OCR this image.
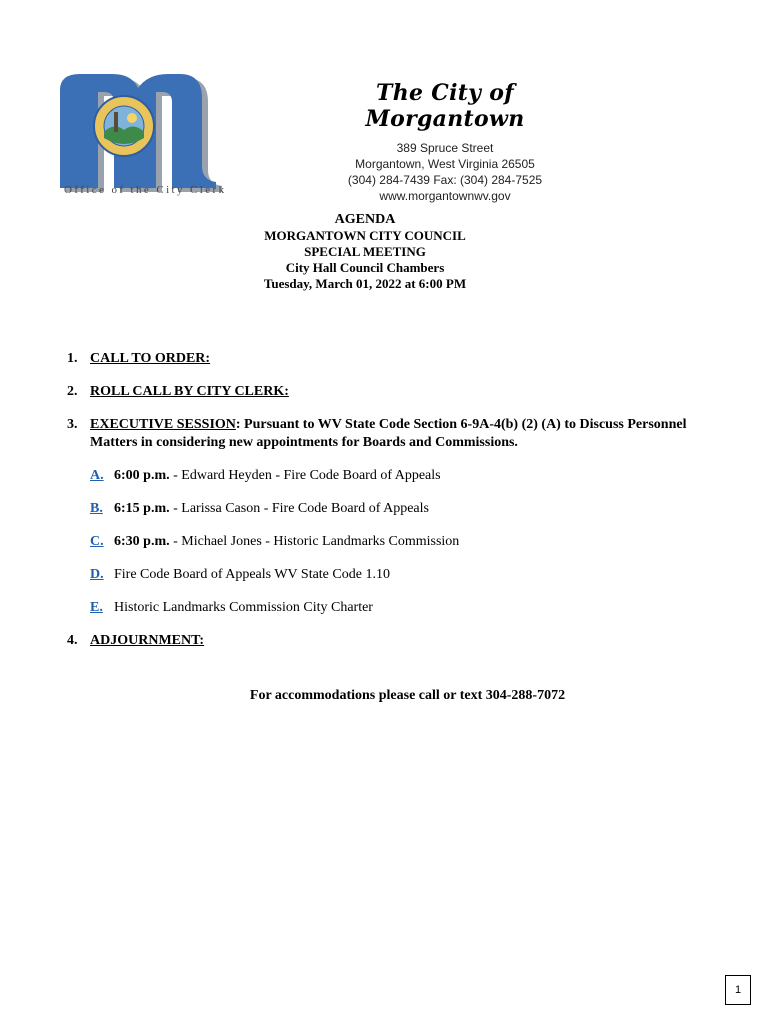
Office of the City Clerk
The City of Morgantown
389 Spruce Street
Morgantown, West Virginia 26505
(304) 284-7439 Fax: (304) 284-7525
www.morgantownwv.gov
AGENDA
MORGANTOWN CITY COUNCIL
SPECIAL MEETING
City Hall Council Chambers
Tuesday, March 01, 2022 at 6:00 PM
1. CALL TO ORDER:
2. ROLL CALL BY CITY CLERK:
3. EXECUTIVE SESSION: Pursuant to WV State Code Section 6-9A-4(b) (2) (A) to Discuss Personnel Matters in considering new appointments for Boards and Commissions.
A. 6:00 p.m. - Edward Heyden - Fire Code Board of Appeals
B. 6:15 p.m. - Larissa Cason - Fire Code Board of Appeals
C. 6:30 p.m. - Michael Jones - Historic Landmarks Commission
D. Fire Code Board of Appeals WV State Code 1.10
E. Historic Landmarks Commission City Charter
4. ADJOURNMENT:
For accommodations please call or text 304-288-7072
1
